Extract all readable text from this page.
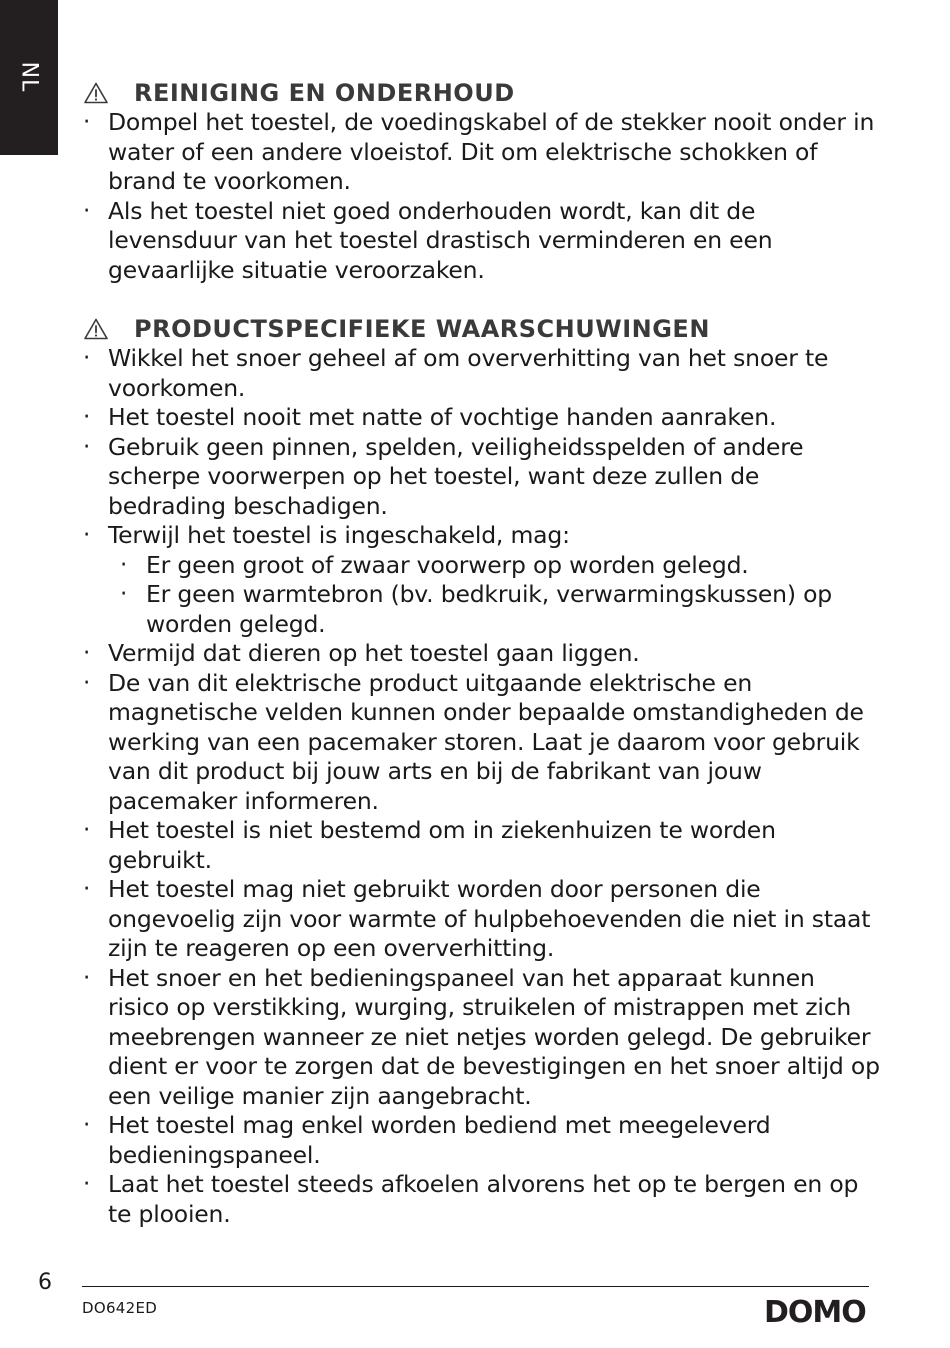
NL
REINIGING EN ONDERHOUD
· Dompel het toestel, de voedingskabel of de stekker nooit onder in water of een andere vloeistof. Dit om elektrische schokken of brand te voorkomen.
· Als het toestel niet goed onderhouden wordt, kan dit de levensduur van het toestel drastisch verminderen en een gevaarlijke situatie veroorzaken.
PRODUCTSPECIFIEKE WAARSCHUWINGEN
· Wikkel het snoer geheel af om oververhitting van het snoer te voorkomen.
· Het toestel nooit met natte of vochtige handen aanraken.
· Gebruik geen pinnen, spelden, veiligheidsspelden of andere scherpe voorwerpen op het toestel, want deze zullen de bedrading beschadigen.
· Terwijl het toestel is ingeschakeld, mag:
· Er geen groot of zwaar voorwerp op worden gelegd.
· Er geen warmtebron (bv. bedkruik, verwarmingskussen) op worden gelegd.
· Vermijd dat dieren op het toestel gaan liggen.
· De van dit elektrische product uitgaande elektrische en magnetische velden kunnen onder bepaalde omstandigheden de werking van een pacemaker storen. Laat je daarom voor gebruik van dit product bij jouw arts en bij de fabrikant van jouw pacemaker informeren.
· Het toestel is niet bestemd om in ziekenhuizen te worden gebruikt.
· Het toestel mag niet gebruikt worden door personen die ongevoelig zijn voor warmte of hulpbehoevenden die niet in staat zijn te reageren op een oververhitting.
· Het snoer en het bedieningspaneel van het apparaat kunnen risico op verstikking, wurging, struikelen of mistrappen met zich meebrengen wanneer ze niet netjes worden gelegd. De gebruiker dient er voor te zorgen dat de bevestigingen en het snoer altijd op een veilige manier zijn aangebracht.
· Het toestel mag enkel worden bediend met meegeleverd bedieningspaneel.
· Laat het toestel steeds afkoelen alvorens het op te bergen en op te plooien.
6
DO642ED	DOMO
